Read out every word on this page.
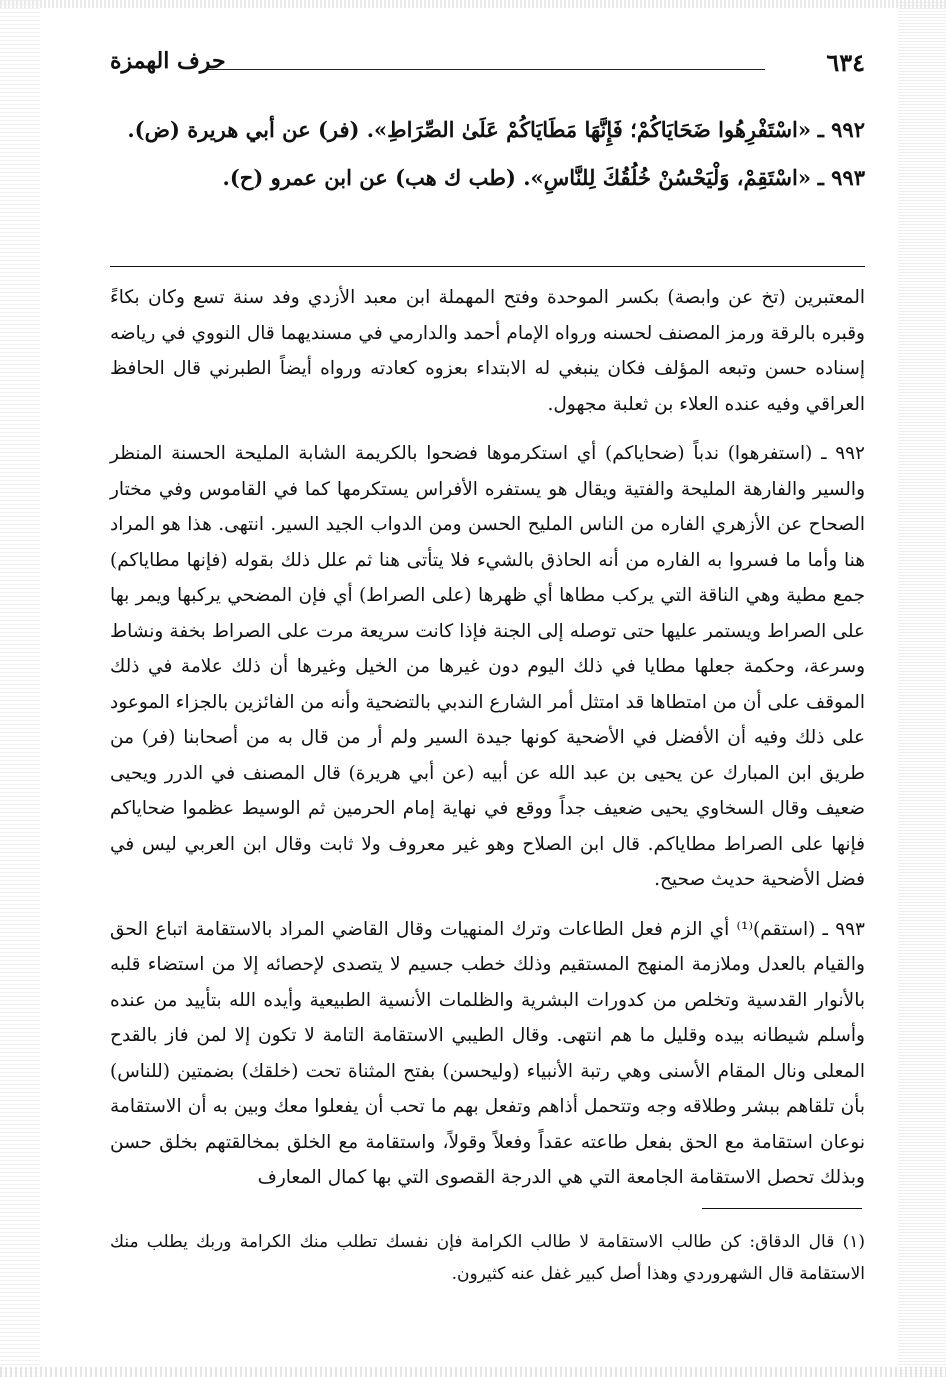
٦٣٤
حرف الهمزة

٩٩٢ ـ «اسْتَفْرِهُوا ضَحَايَاكُمْ؛ فَإِنَّهَا مَطَايَاكُمْ عَلَىٰ الصِّرَاطِ». (فر) عن أبي هريرة (ض).

٩٩٣ ـ «اسْتَقِمْ، وَلْيَحْسُنْ خُلُقُكَ لِلنَّاسِ». (طب ك هب) عن ابن عمرو (ح).

المعتبرين (تخ عن وابصة) بكسر الموحدة وفتح المهملة ابن معبد الأزدي وفد سنة تسع وكان بكاءً وقبره بالرقة ورمز المصنف لحسنه ورواه الإمام أحمد والدارمي في مسنديهما قال النووي في رياضه إسناده حسن وتبعه المؤلف فكان ينبغي له الابتداء بعزوه كعادته ورواه أيضاً الطبرني قال الحافظ العراقي وفيه عنده العلاء بن ثعلبة مجهول.

٩٩٢ ـ (استفرهوا) ندباً (ضحاياكم) أي استكرموها فضحوا بالكريمة الشابة المليحة الحسنة المنظر والسير والفارهة المليحة والفتية ويقال هو يستفره الأفراس يستكرمها كما في القاموس وفي مختار الصحاح عن الأزهري الفاره من الناس المليح الحسن ومن الدواب الجيد السير. انتهى. هذا هو المراد هنا وأما ما فسروا به الفاره من أنه الحاذق بالشيء فلا يتأتى هنا ثم علل ذلك بقوله (فإنها مطاياكم) جمع مطية وهي الناقة التي يركب مطاها أي ظهرها (على الصراط) أي فإن المضحي يركبها ويمر بها على الصراط ويستمر عليها حتى توصله إلى الجنة فإذا كانت سريعة مرت على الصراط بخفة ونشاط وسرعة، وحكمة جعلها مطايا في ذلك اليوم دون غيرها من الخيل وغيرها أن ذلك علامة في ذلك الموقف على أن من امتطاها قد امتثل أمر الشارع الندبي بالتضحية وأنه من الفائزين بالجزاء الموعود على ذلك وفيه أن الأفضل في الأضحية كونها جيدة السير ولم أر من قال به من أصحابنا (فر) من طريق ابن المبارك عن يحيى بن عبد الله عن أبيه (عن أبي هريرة) قال المصنف في الدرر ويحيى ضعيف وقال السخاوي يحيى ضعيف جداً ووقع في نهاية إمام الحرمين ثم الوسيط عظموا ضحاياكم فإنها على الصراط مطاياكم. قال ابن الصلاح وهو غير معروف ولا ثابت وقال ابن العربي ليس في فضل الأضحية حديث صحيح.

٩٩٣ ـ (استقم)⁽¹⁾ أي الزم فعل الطاعات وترك المنهيات وقال القاضي المراد بالاستقامة اتباع الحق والقيام بالعدل وملازمة المنهج المستقيم وذلك خطب جسيم لا يتصدى لإحصائه إلا من استضاء قلبه بالأنوار القدسية وتخلص من كدورات البشرية والظلمات الأنسية الطبيعية وأيده الله بتأييد من عنده وأسلم شيطانه بيده وقليل ما هم انتهى. وقال الطيبي الاستقامة التامة لا تكون إلا لمن فاز بالقدح المعلى ونال المقام الأسنى وهي رتبة الأنبياء (وليحسن) بفتح المثناة تحت (خلقك) بضمتين (للناس) بأن تلقاهم ببشر وطلاقه وجه وتتحمل أذاهم وتفعل بهم ما تحب أن يفعلوا معك وبين به أن الاستقامة نوعان استقامة مع الحق بفعل طاعته عقداً وفعلاً وقولاً، واستقامة مع الخلق بمخالقتهم بخلق حسن وبذلك تحصل الاستقامة الجامعة التي هي الدرجة القصوى التي بها كمال المعارف

(١) قال الدقاق: كن طالب الاستقامة لا طالب الكرامة فإن نفسك تطلب منك الكرامة وربك يطلب منك الاستقامة قال الشهروردي وهذا أصل كبير غفل عنه كثيرون.
